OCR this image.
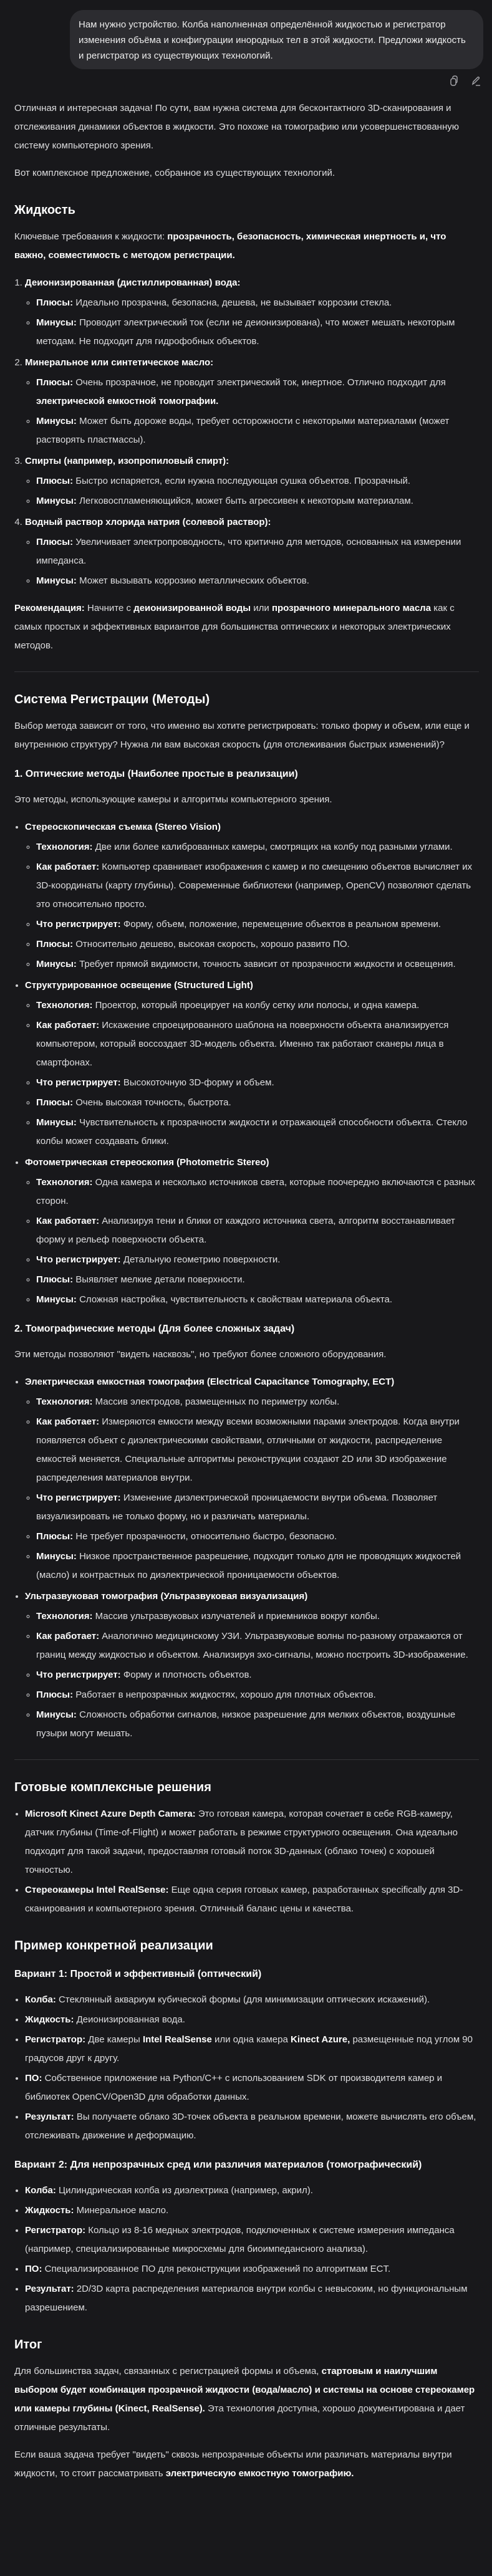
Нам нужно устройство. Колба наполненная определённой жидкостью и регистратор изменения объёма и конфигурации инородных тел в этой жидкости. Предложи жидкость и регистратор из существующих технологий.

Отличная и интересная задача! По сути, вам нужна система для бесконтактного 3D-сканирования и отслеживания динамики объектов в жидкости. Это похоже на томографию или усовершенствованную систему компьютерного зрения.

Вот комплексное предложение, собранное из существующих технологий.

Жидкость

Ключевые требования к жидкости: прозрачность, безопасность, химическая инертность и, что важно, совместимость с методом регистрации.

1. Деионизированная (дистиллированная) вода:
◦ Плюсы: Идеально прозрачна, безопасна, дешева, не вызывает коррозии стекла.
◦ Минусы: Проводит электрический ток (если не деионизирована), что может мешать некоторым методам. Не подходит для гидрофобных объектов.
2. Минеральное или синтетическое масло:
◦ Плюсы: Очень прозрачное, не проводит электрический ток, инертное. Отлично подходит для электрической емкостной томографии.
◦ Минусы: Может быть дороже воды, требует осторожности с некоторыми материалами (может растворять пластмассы).
3. Спирты (например, изопропиловый спирт):
◦ Плюсы: Быстро испаряется, если нужна последующая сушка объектов. Прозрачный.
◦ Минусы: Легковоспламеняющийся, может быть агрессивен к некоторым материалам.
4. Водный раствор хлорида натрия (солевой раствор):
◦ Плюсы: Увеличивает электропроводность, что критично для методов, основанных на измерении импеданса.
◦ Минусы: Может вызывать коррозию металлических объектов.

Рекомендация: Начните с деионизированной воды или прозрачного минерального масла как с самых простых и эффективных вариантов для большинства оптических и некоторых электрических методов.

Система Регистрации (Методы)

Выбор метода зависит от того, что именно вы хотите регистрировать: только форму и объем, или еще и внутреннюю структуру? Нужна ли вам высокая скорость (для отслеживания быстрых изменений)?

1. Оптические методы (Наиболее простые в реализации)

Это методы, использующие камеры и алгоритмы компьютерного зрения.

• Стереоскопическая съемка (Stereo Vision)
◦ Технология: Две или более калиброванных камеры, смотрящих на колбу под разными углами.
◦ Как работает: Компьютер сравнивает изображения с камер и по смещению объектов вычисляет их 3D-координаты (карту глубины). Современные библиотеки (например, OpenCV) позволяют сделать это относительно просто.
◦ Что регистрирует: Форму, объем, положение, перемещение объектов в реальном времени.
◦ Плюсы: Относительно дешево, высокая скорость, хорошо развито ПО.
◦ Минусы: Требует прямой видимости, точность зависит от прозрачности жидкости и освещения.
• Структурированное освещение (Structured Light)
◦ Технология: Проектор, который проецирует на колбу сетку или полосы, и одна камера.
◦ Как работает: Искажение спроецированного шаблона на поверхности объекта анализируется компьютером, который воссоздает 3D-модель объекта. Именно так работают сканеры лица в смартфонах.
◦ Что регистрирует: Высокоточную 3D-форму и объем.
◦ Плюсы: Очень высокая точность, быстрота.
◦ Минусы: Чувствительность к прозрачности жидкости и отражающей способности объекта. Стекло колбы может создавать блики.
• Фотометрическая стереоскопия (Photometric Stereo)
◦ Технология: Одна камера и несколько источников света, которые поочередно включаются с разных сторон.
◦ Как работает: Анализируя тени и блики от каждого источника света, алгоритм восстанавливает форму и рельеф поверхности объекта.
◦ Что регистрирует: Детальную геометрию поверхности.
◦ Плюсы: Выявляет мелкие детали поверхности.
◦ Минусы: Сложная настройка, чувствительность к свойствам материала объекта.
2. Томографические методы (Для более сложных задач)

Эти методы позволяют "видеть насквозь", но требуют более сложного оборудования.

• Электрическая емкостная томография (Electrical Capacitance Tomography, ECT)
◦ Технология: Массив электродов, размещенных по периметру колбы.
◦ Как работает: Измеряются емкости между всеми возможными парами электродов. Когда внутри появляется объект с диэлектрическими свойствами, отличными от жидкости, распределение емкостей меняется. Специальные алгоритмы реконструкции создают 2D или 3D изображение распределения материалов внутри.
◦ Что регистрирует: Изменение диэлектрической проницаемости внутри объема. Позволяет визуализировать не только форму, но и различать материалы.
◦ Плюсы: Не требует прозрачности, относительно быстро, безопасно.
◦ Минусы: Низкое пространственное разрешение, подходит только для не проводящих жидкостей (масло) и контрастных по диэлектрической проницаемости объектов.
• Ультразвуковая томография (Ультразвуковая визуализация)
◦ Технология: Массив ультразвуковых излучателей и приемников вокруг колбы.
◦ Как работает: Аналогично медицинскому УЗИ. Ультразвуковые волны по-разному отражаются от границ между жидкостью и объектом. Анализируя эхо-сигналы, можно построить 3D-изображение.
◦ Что регистрирует: Форму и плотность объектов.
◦ Плюсы: Работает в непрозрачных жидкостях, хорошо для плотных объектов.
◦ Минусы: Сложность обработки сигналов, низкое разрешение для мелких объектов, воздушные пузыри могут мешать.
Готовые комплексные решения
• Microsoft Kinect Azure Depth Camera: Это готовая камера, которая сочетает в себе RGB-камеру, датчик глубины (Time-of-Flight) и может работать в режиме структурного освещения. Она идеально подходит для такой задачи, предоставляя готовый поток 3D-данных (облако точек) с хорошей точностью.
• Стереокамеры Intel RealSense: Еще одна серия готовых камер, разработанных specifically для 3D-сканирования и компьютерного зрения. Отличный баланс цены и качества.
Пример конкретной реализации
Вариант 1: Простой и эффективный (оптический)
• Колба: Стеклянный аквариум кубической формы (для минимизации оптических искажений).
• Жидкость: Деионизированная вода.
• Регистратор: Две камеры Intel RealSense или одна камера Kinect Azure, размещенные под углом 90 градусов друг к другу.
• ПО: Собственное приложение на Python/C++ с использованием SDK от производителя камер и библиотек OpenCV/Open3D для обработки данных.
• Результат: Вы получаете облако 3D-точек объекта в реальном времени, можете вычислять его объем, отслеживать движение и деформацию.
Вариант 2: Для непрозрачных сред или различия материалов (томографический)
• Колба: Цилиндрическая колба из диэлектрика (например, акрил).
• Жидкость: Минеральное масло.
• Регистратор: Кольцо из 8-16 медных электродов, подключенных к системе измерения импеданса (например, специализированные микросхемы для биоимпедансного анализа).
• ПО: Специализированное ПО для реконструкции изображений по алгоритмам ECT.
• Результат: 2D/3D карта распределения материалов внутри колбы с невысоким, но функциональным разрешением.
Итог

Для большинства задач, связанных с регистрацией формы и объема, стартовым и наилучшим выбором будет комбинация прозрачной жидкости (вода/масло) и системы на основе стереокамер или камеры глубины (Kinect, RealSense). Эта технология доступна, хорошо документирована и дает отличные результаты.

Если ваша задача требует "видеть" сквозь непрозрачные объекты или различать материалы внутри жидкости, то стоит рассматривать электрическую емкостную томографию.
